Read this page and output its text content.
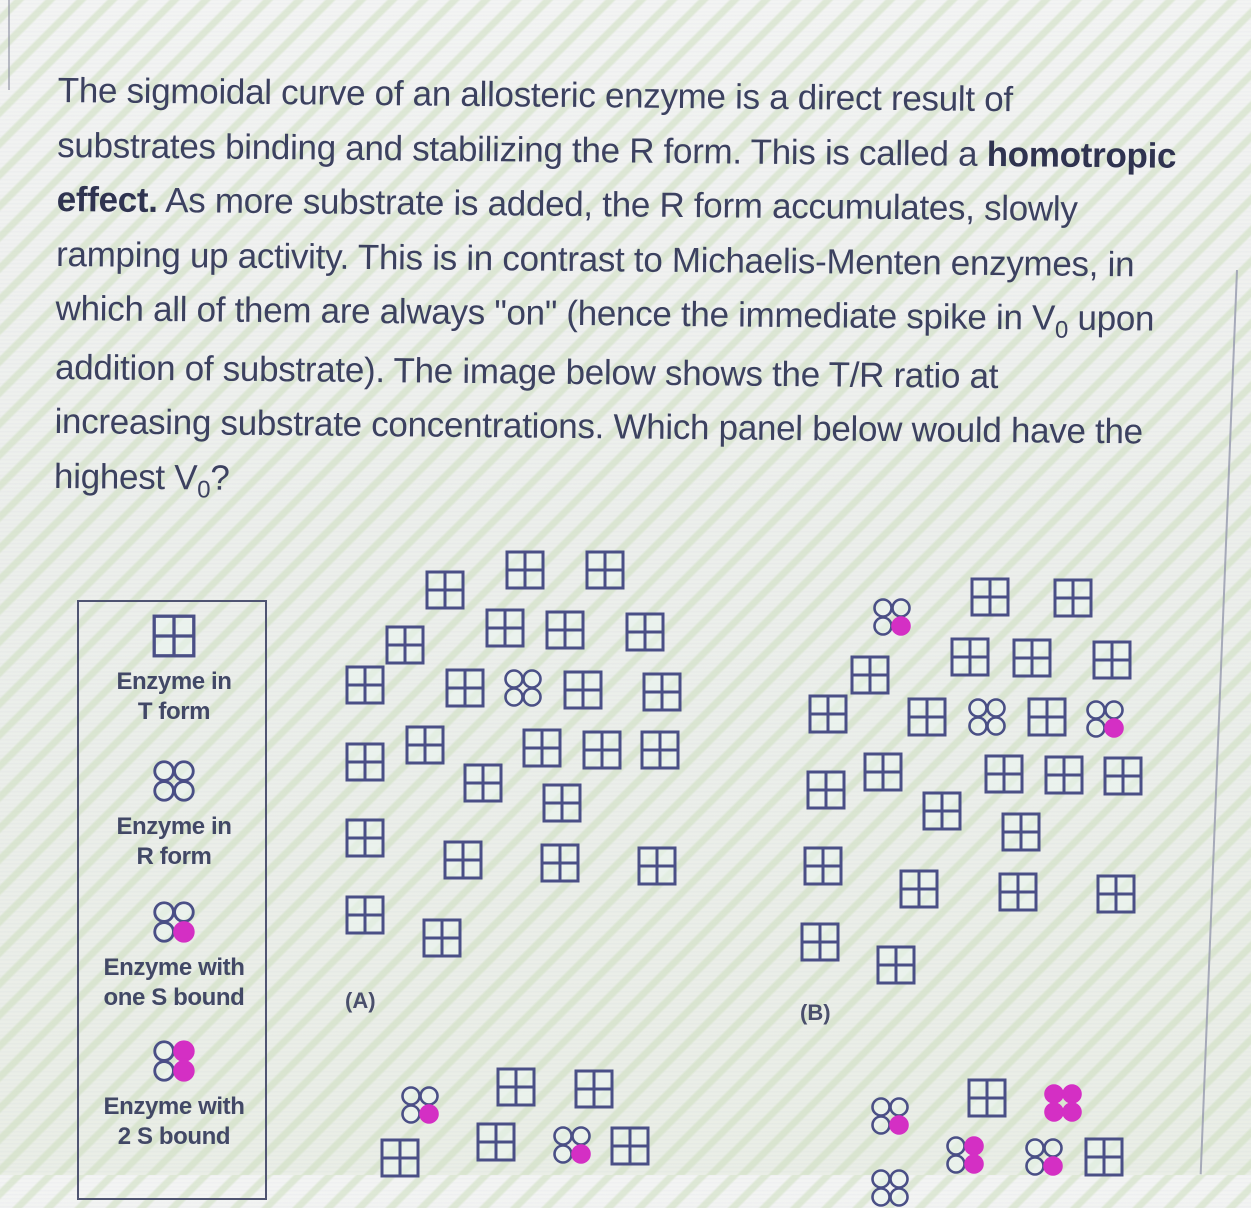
The sigmoidal curve of an allosteric enzyme is a direct result of
substrates binding and stabilizing the R form. This is called a homotropic
effect. As more substrate is added, the R form accumulates, slowly
ramping up activity. This is in contrast to Michaelis-Menten enzymes, in
which all of them are always "on" (hence the immediate spike in $V_0$ upon
addition of substrate). The image below shows the T/R ratio at
increasing substrate concentrations. Which panel below would have the
highest $V_0$?
Enzyme in
T form
Enzyme in
R form
Enzyme with
one S bound
Enzyme with
2 S bound
(A)	(B)
